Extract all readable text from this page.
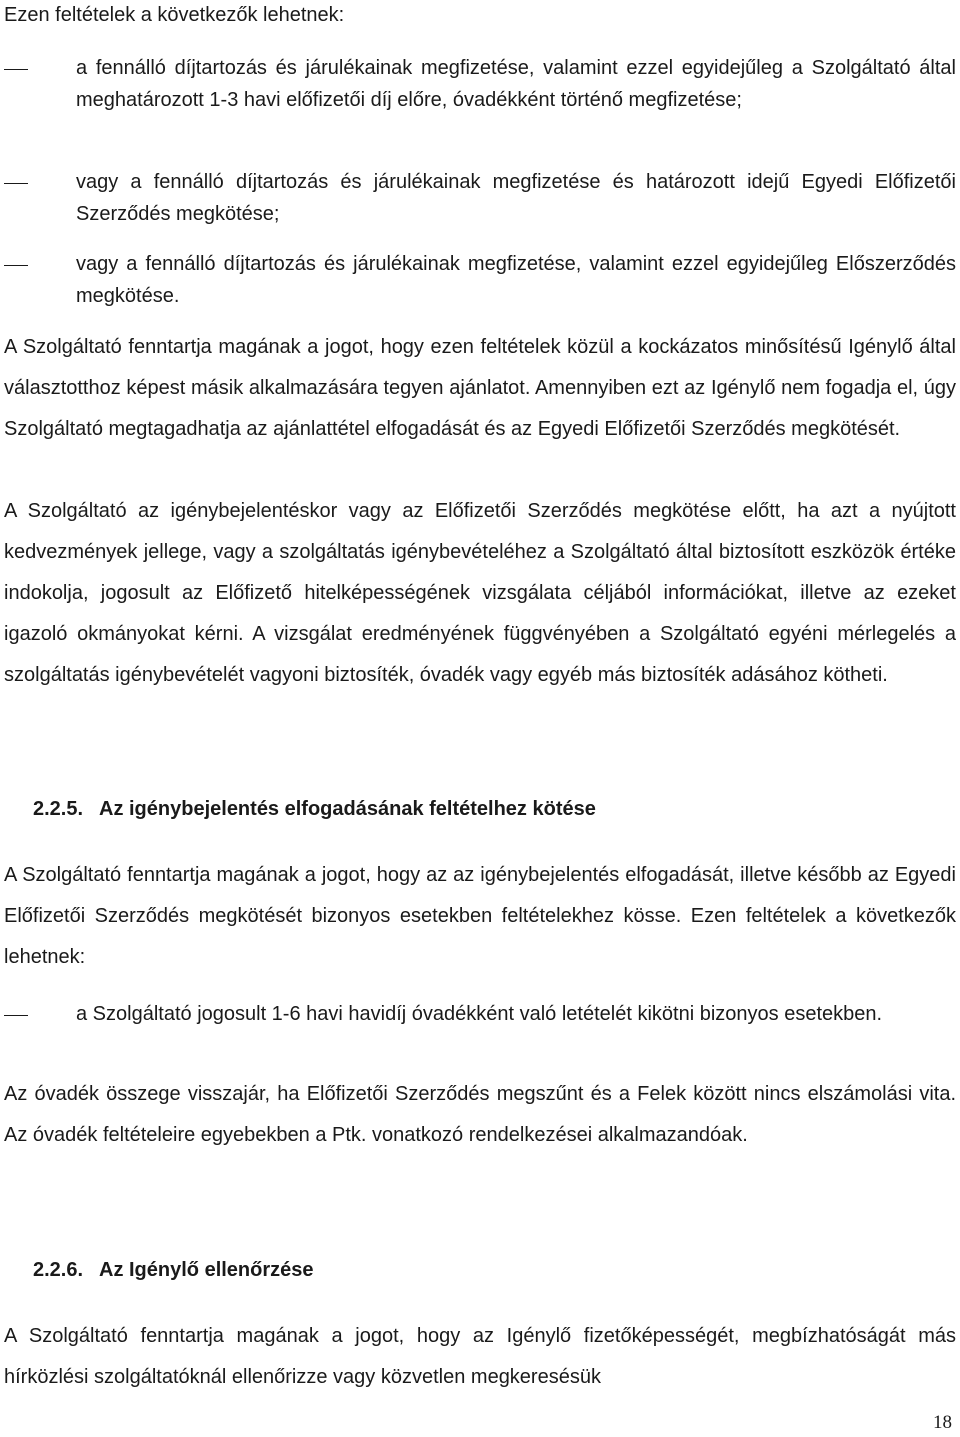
Ezen feltételek a következők lehetnek:

a fennálló díjtartozás és járulékainak megfizetése, valamint ezzel egyidejűleg a Szolgáltató által meghatározott 1-3 havi előfizetői díj előre, óvadékként történő megfizetése;

vagy a fennálló díjtartozás és járulékainak megfizetése és határozott idejű Egyedi Előfizetői Szerződés megkötése;

vagy a fennálló díjtartozás és járulékainak megfizetése, valamint ezzel egyidejűleg Előszerződés megkötése.

A Szolgáltató fenntartja magának a jogot, hogy ezen feltételek közül a kockázatos minősítésű Igénylő által választotthoz képest másik alkalmazására tegyen ajánlatot. Amennyiben ezt az Igénylő nem fogadja el, úgy Szolgáltató megtagadhatja az ajánlattétel elfogadását és az Egyedi Előfizetői Szerződés megkötését.

A Szolgáltató az igénybejelentéskor vagy az Előfizetői Szerződés megkötése előtt, ha azt a nyújtott kedvezmények jellege, vagy a szolgáltatás igénybevételéhez a Szolgáltató által biztosított eszközök értéke indokolja, jogosult az Előfizető hitelképességének vizsgálata céljából információkat, illetve az ezeket igazoló okmányokat kérni. A vizsgálat eredményének függvényében a Szolgáltató egyéni mérlegelés a szolgáltatás igénybevételét vagyoni biztosíték, óvadék vagy egyéb más biztosíték adásához kötheti.

2.2.5. Az igénybejelentés elfogadásának feltételhez kötése

A Szolgáltató fenntartja magának a jogot, hogy az az igénybejelentés elfogadását, illetve később az Egyedi Előfizetői Szerződés megkötését bizonyos esetekben feltételekhez kösse. Ezen feltételek a következők lehetnek:

a Szolgáltató jogosult 1-6 havi havidíj óvadékként való letételét kikötni bizonyos esetekben.

Az óvadék összege visszajár, ha Előfizetői Szerződés megszűnt és a Felek között nincs elszámolási vita. Az óvadék feltételeire egyebekben a Ptk. vonatkozó rendelkezései alkalmazandóak.

2.2.6. Az Igénylő ellenőrzése

A Szolgáltató fenntartja magának a jogot, hogy az Igénylő fizetőképességét, megbízhatóságát más hírközlési szolgáltatóknál ellenőrizze vagy közvetlen megkeresésük

18
